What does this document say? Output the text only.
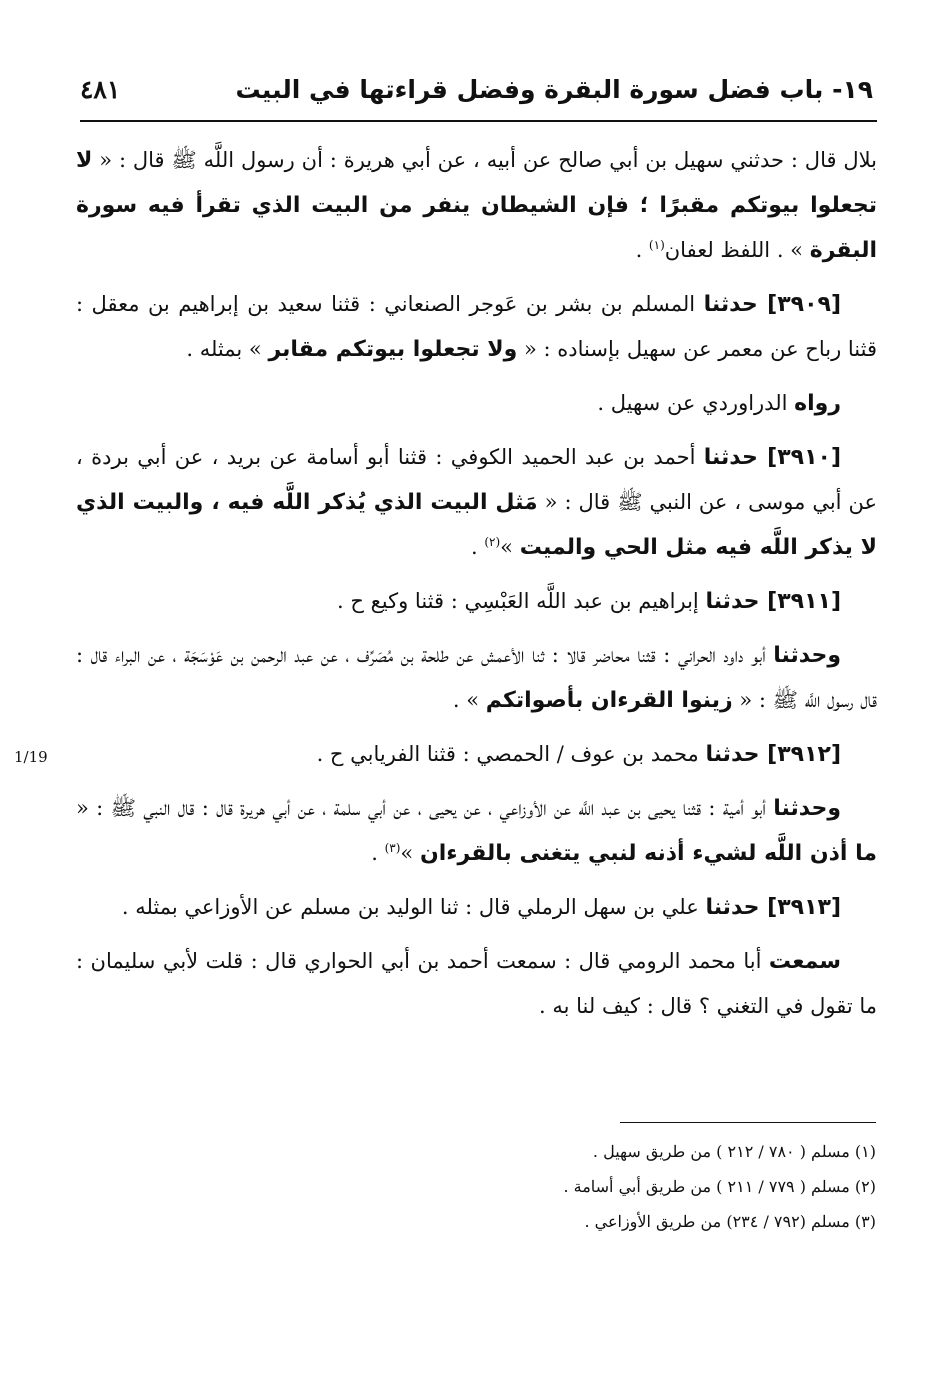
١٩- باب فضل سورة البقرة وفضل قراءتها في البيت
٤٨١
1/19

بلال قال : حدثني سهيل بن أبي صالح عن أبيه ، عن أبي هريرة : أن رسول اللَّه ﷺ قال : « لا تجعلوا بيوتكم مقبرًا ؛ فإن الشيطان ينفر من البيت الذي تقرأ فيه سورة البقرة » . اللفظ لعفان$^{(١)}$ .

[٣٩٠٩] حدثنا المسلم بن بشر بن عَوجر الصنعاني : قثنا سعيد بن إبراهيم بن معقل : قثنا رباح عن معمر عن سهيل بإسناده : « ولا تجعلوا بيوتكم مقابر » بمثله .

رواه الدراوردي عن سهيل .

[٣٩١٠] حدثنا أحمد بن عبد الحميد الكوفي : قثنا أبو أسامة عن بريد ، عن أبي بردة ، عن أبي موسى ، عن النبي ﷺ قال : « مَثل البيت الذي يُذكر اللَّه فيه ، والبيت الذي لا يذكر اللَّه فيه مثل الحي والميت »$^{(٢)}$ .

[٣٩١١] حدثنا إبراهيم بن عبد اللَّه العَبْسِي : قثنا وكيع ح .

وحدثنا أبو داود الحراني : قثنا محاضر قالا : ثنا الأعمش عن طلحة بن مُصَرِّف ، عن عبد الرحمن بن عَوْسَجَة ، عن البراء قال : قال رسول اللَّه ﷺ : « زينوا القرءان بأصواتكم » .

[٣٩١٢] حدثنا محمد بن عوف / الحمصي : قثنا الفريابي ح .

وحدثنا أبو أمية : قثنا يحيى بن عبد اللَّه عن الأوزاعي ، عن يحيى ، عن أبي سلمة ، عن أبي هريرة قال : قال النبي ﷺ : « ما أذن اللَّه لشيء أذنه لنبي يتغنى بالقرءان »$^{(٣)}$ .

[٣٩١٣] حدثنا علي بن سهل الرملي قال : ثنا الوليد بن مسلم عن الأوزاعي بمثله .

سمعت أبا محمد الرومي قال : سمعت أحمد بن أبي الحواري قال : قلت لأبي سليمان : ما تقول في التغني ؟ قال : كيف لنا به .

(١) مسلم ( ٧٨٠ / ٢١٢ ) من طريق سهيل .

(٢) مسلم ( ٧٧٩ / ٢١١ ) من طريق أبي أسامة .

(٣) مسلم (٧٩٢ / ٢٣٤) من طريق الأوزاعي .
